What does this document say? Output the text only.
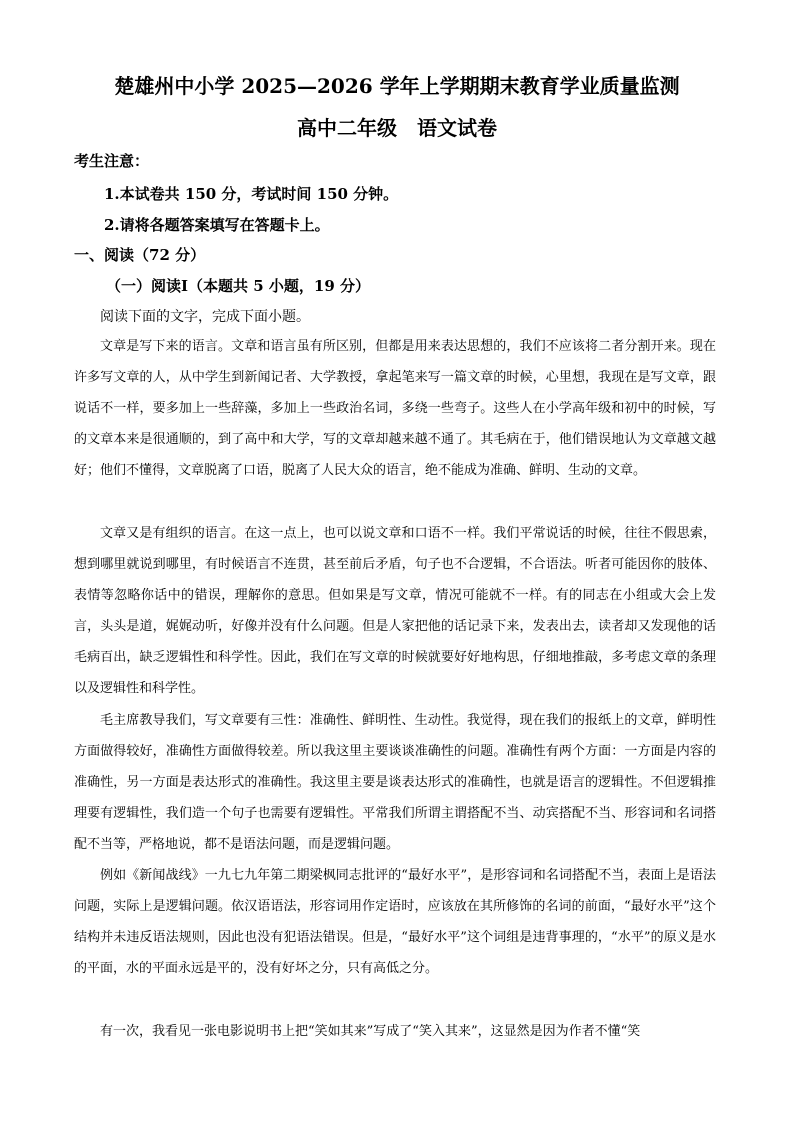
楚雄州中小学 2025—2026 学年上学期期末教育学业质量监测
高中二年级　语文试卷
考生注意：
1.本试卷共 150 分，考试时间 150 分钟。
2.请将各题答案填写在答题卡上。
一、阅读（72 分）
（一）阅读Ⅰ（本题共 5 小题，19 分）
阅读下面的文字，完成下面小题。

文章是写下来的语言。文章和语言虽有所区别，但都是用来表达思想的，我们不应该将二者分割开来。现在许多写文章的人，从中学生到新闻记者、大学教授，拿起笔来写一篇文章的时候，心里想，我现在是写文章，跟说话不一样，要多加上一些辞藻，多加上一些政治名词，多绕一些弯子。这些人在小学高年级和初中的时候，写的文章本来是很通顺的，到了高中和大学，写的文章却越来越不通了。其毛病在于，他们错误地认为文章越文越好；他们不懂得，文章脱离了口语，脱离了人民大众的语言，绝不能成为准确、鲜明、生动的文章。

文章又是有组织的语言。在这一点上，也可以说文章和口语不一样。我们平常说话的时候，往往不假思索，想到哪里就说到哪里，有时候语言不连贯，甚至前后矛盾，句子也不合逻辑，不合语法。听者可能因你的肢体、表情等忽略你话中的错误，理解你的意思。但如果是写文章，情况可能就不一样。有的同志在小组或大会上发言，头头是道，娓娓动听，好像并没有什么问题。但是人家把他的话记录下来，发表出去，读者却又发现他的话毛病百出，缺乏逻辑性和科学性。因此，我们在写文章的时候就要好好地构思，仔细地推敲，多考虑文章的条理以及逻辑性和科学性。

毛主席教导我们，写文章要有三性：准确性、鲜明性、生动性。我觉得，现在我们的报纸上的文章，鲜明性方面做得较好，准确性方面做得较差。所以我这里主要谈谈准确性的问题。准确性有两个方面：一方面是内容的准确性，另一方面是表达形式的准确性。我这里主要是谈表达形式的准确性，也就是语言的逻辑性。不但逻辑推理要有逻辑性，我们造一个句子也需要有逻辑性。平常我们所谓主谓搭配不当、动宾搭配不当、形容词和名词搭配不当等，严格地说，都不是语法问题，而是逻辑问题。

例如《新闻战线》一九七九年第二期梁枫同志批评的“最好水平”，是形容词和名词搭配不当，表面上是语法问题，实际上是逻辑问题。依汉语语法，形容词用作定语时，应该放在其所修饰的名词的前面，“最好水平”这个结构并未违反语法规则，因此也没有犯语法错误。但是，“最好水平”这个词组是违背事理的，“水平”的原义是水的平面，水的平面永远是平的，没有好坏之分，只有高低之分。

有一次，我看见一张电影说明书上把“笑如其来”写成了“笑入其来”，这显然是因为作者不懂“笑
